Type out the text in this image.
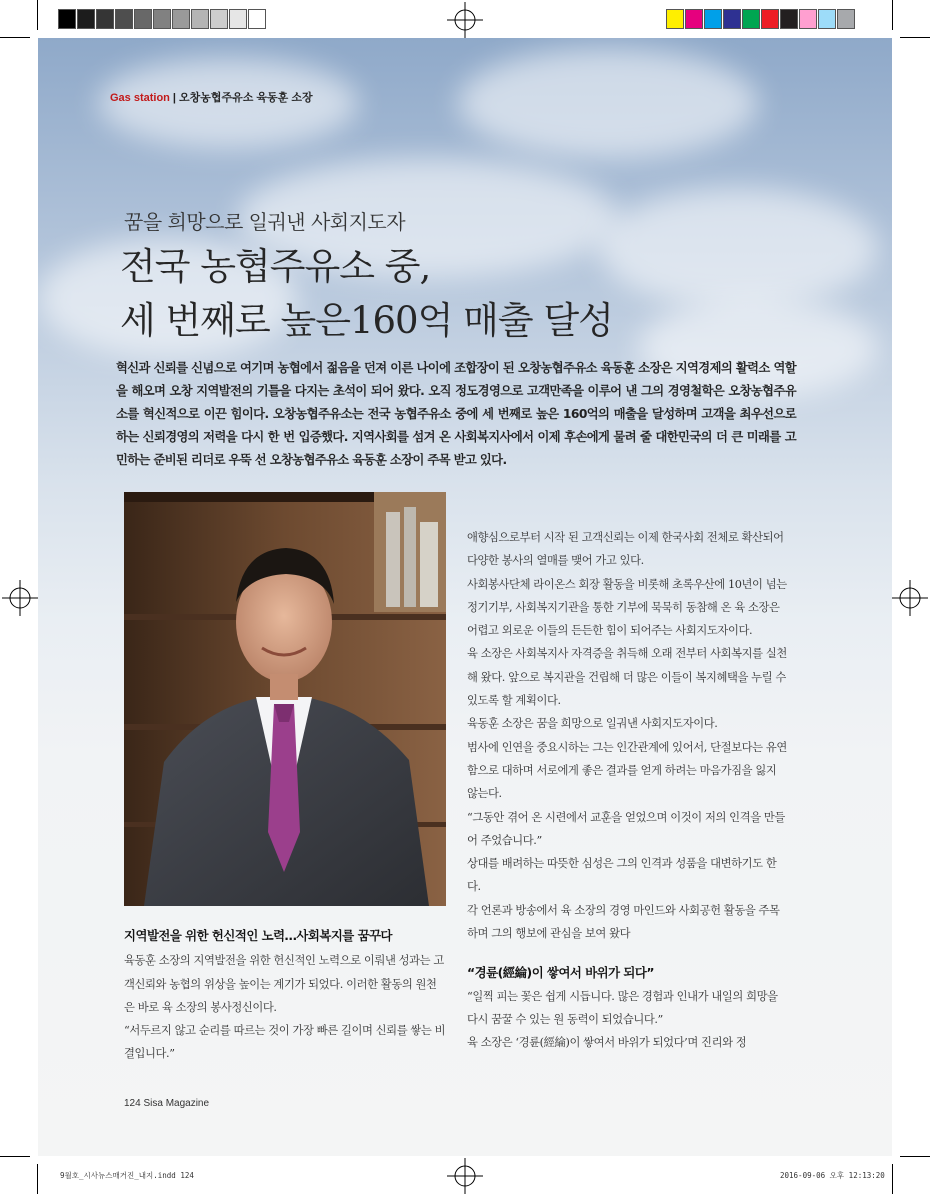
Gas station | 오창농협주유소 육동훈 소장
꿈을 희망으로 일궈낸 사회지도자
전국 농협주유소 중,
세 번째로 높은160억 매출 달성
혁신과 신뢰를 신념으로 여기며 농협에서 젊음을 던져 이른 나이에 조합장이 된 오창농협주유소 육동훈 소장은 지역경제의 활력소 역할을 해오며 오창 지역발전의 기틀을 다지는 초석이 되어 왔다. 오직 정도경영으로 고객만족을 이루어 낸 그의 경영철학은 오창농협주유소를 혁신적으로 이끈 힘이다. 오창농협주유소는 전국 농협주유소 중에 세 번째로 높은 160억의 매출을 달성하며 고객을 최우선으로 하는 신뢰경영의 저력을 다시 한 번 입증했다. 지역사회를 섬겨 온 사회복지사에서 이제 후손에게 물려 줄 대한민국의 더 큰 미래를 고민하는 준비된 리더로 우뚝 선 오창농협주유소 육동훈 소장이 주목 받고 있다.

지역발전을 위한 헌신적인 노력…사회복지를 꿈꾸다

육동훈 소장의 지역발전을 위한 헌신적인 노력으로 이뤄낸 성과는 고객신뢰와 농협의 위상을 높이는 계기가 되었다. 이러한 활동의 원천은 바로 육 소장의 봉사정신이다.

“서두르지 않고 순리를 따르는 것이 가장 빠른 길이며 신뢰를 쌓는 비결입니다.”

애향심으로부터 시작 된 고객신뢰는 이제 한국사회 전체로 확산되어 다양한 봉사의 열매를 맺어 가고 있다.

사회봉사단체 라이온스 회장 활동을 비롯해 초록우산에 10년이 넘는 정기기부, 사회복지기관을 통한 기부에 묵묵히 동참해 온 육 소장은 어렵고 외로운 이들의 든든한 힘이 되어주는 사회지도자이다.

육 소장은 사회복지사 자격증을 취득해 오래 전부터 사회복지를 실천해 왔다. 앞으로 복지관을 건립해 더 많은 이들이 복지혜택을 누릴 수 있도록 할 계획이다.

육동훈 소장은 꿈을 희망으로 일궈낸 사회지도자이다.

범사에 인연을 중요시하는 그는 인간관계에 있어서, 단절보다는 유연함으로 대하며 서로에게 좋은 결과를 얻게 하려는 마음가짐을 잃지 않는다.

“그동안 겪어 온 시련에서 교훈을 얻었으며 이것이 저의 인격을 만들어 주었습니다.”

상대를 배려하는 따뜻한 심성은 그의 인격과 성품을 대변하기도 한다.

각 언론과 방송에서 육 소장의 경영 마인드와 사회공헌 활동을 주목하며 그의 행보에 관심을 보여 왔다

“경륜(經綸)이 쌓여서 바위가 되다”

“일찍 피는 꽃은 쉽게 시듭니다. 많은 경험과 인내가 내일의 희망을 다시 꿈꿀 수 있는 원 동력이 되었습니다.”

육 소장은 ‘경륜(經綸)이 쌓여서 바위가 되었다’며 진리와 정

124 Sisa Magazine
9월호_시사뉴스매거진_내지.indd 124	2016-09-06 오후 12:13:20
